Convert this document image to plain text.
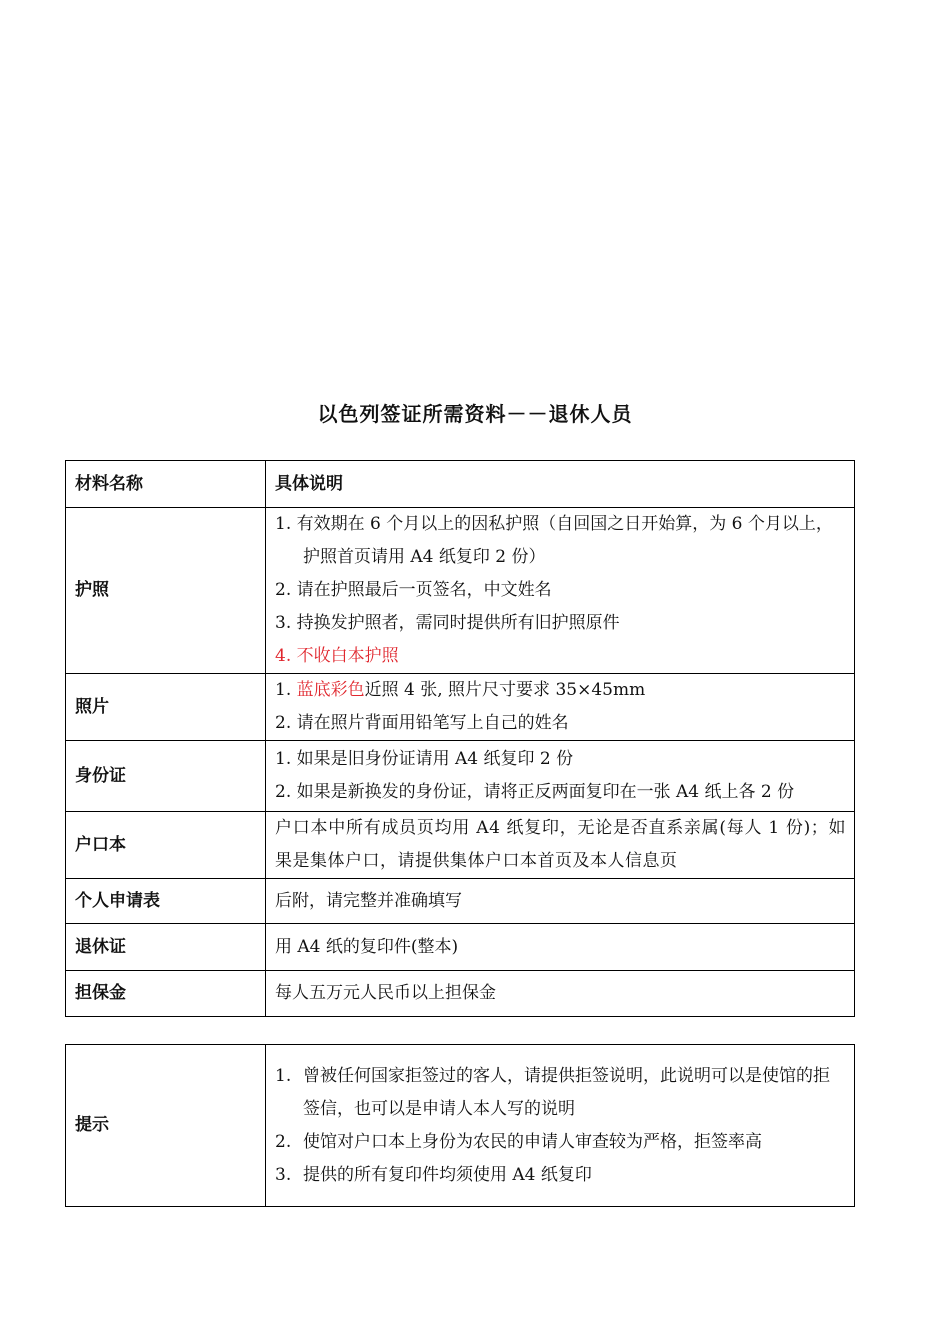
以色列签证所需资料－－退休人员
材料名称	具体说明
护照	1. 有效期在 6 个月以上的因私护照（自回国之日开始算，为 6 个月以上，护照首页请用 A4 纸复印 2 份）
2. 请在护照最后一页签名，中文姓名
3. 持换发护照者，需同时提供所有旧护照原件
4. 不收白本护照

照片	1. 蓝底彩色近照 4 张, 照片尺寸要求 35×45mm
2. 请在照片背面用铅笔写上自己的姓名

身份证	1. 如果是旧身份证请用 A4 纸复印 2 份
2. 如果是新换发的身份证，请将正反两面复印在一张 A4 纸上各 2 份

户口本	户口本中所有成员页均用 A4 纸复印，无论是否直系亲属(每人 1 份)；如果是集体户口，请提供集体户口本首页及本人信息页
个人申请表	后附，请完整并准确填写
退休证	用 A4 纸的复印件(整本)
担保金	每人五万元人民币以上担保金
提示	
1. 曾被任何国家拒签过的客人，请提供拒签说明，此说明可以是使馆的拒签信，也可以是申请人本人写的说明
2. 使馆对户口本上身份为农民的申请人审查较为严格，拒签率高
3. 提供的所有复印件均须使用 A4 纸复印
